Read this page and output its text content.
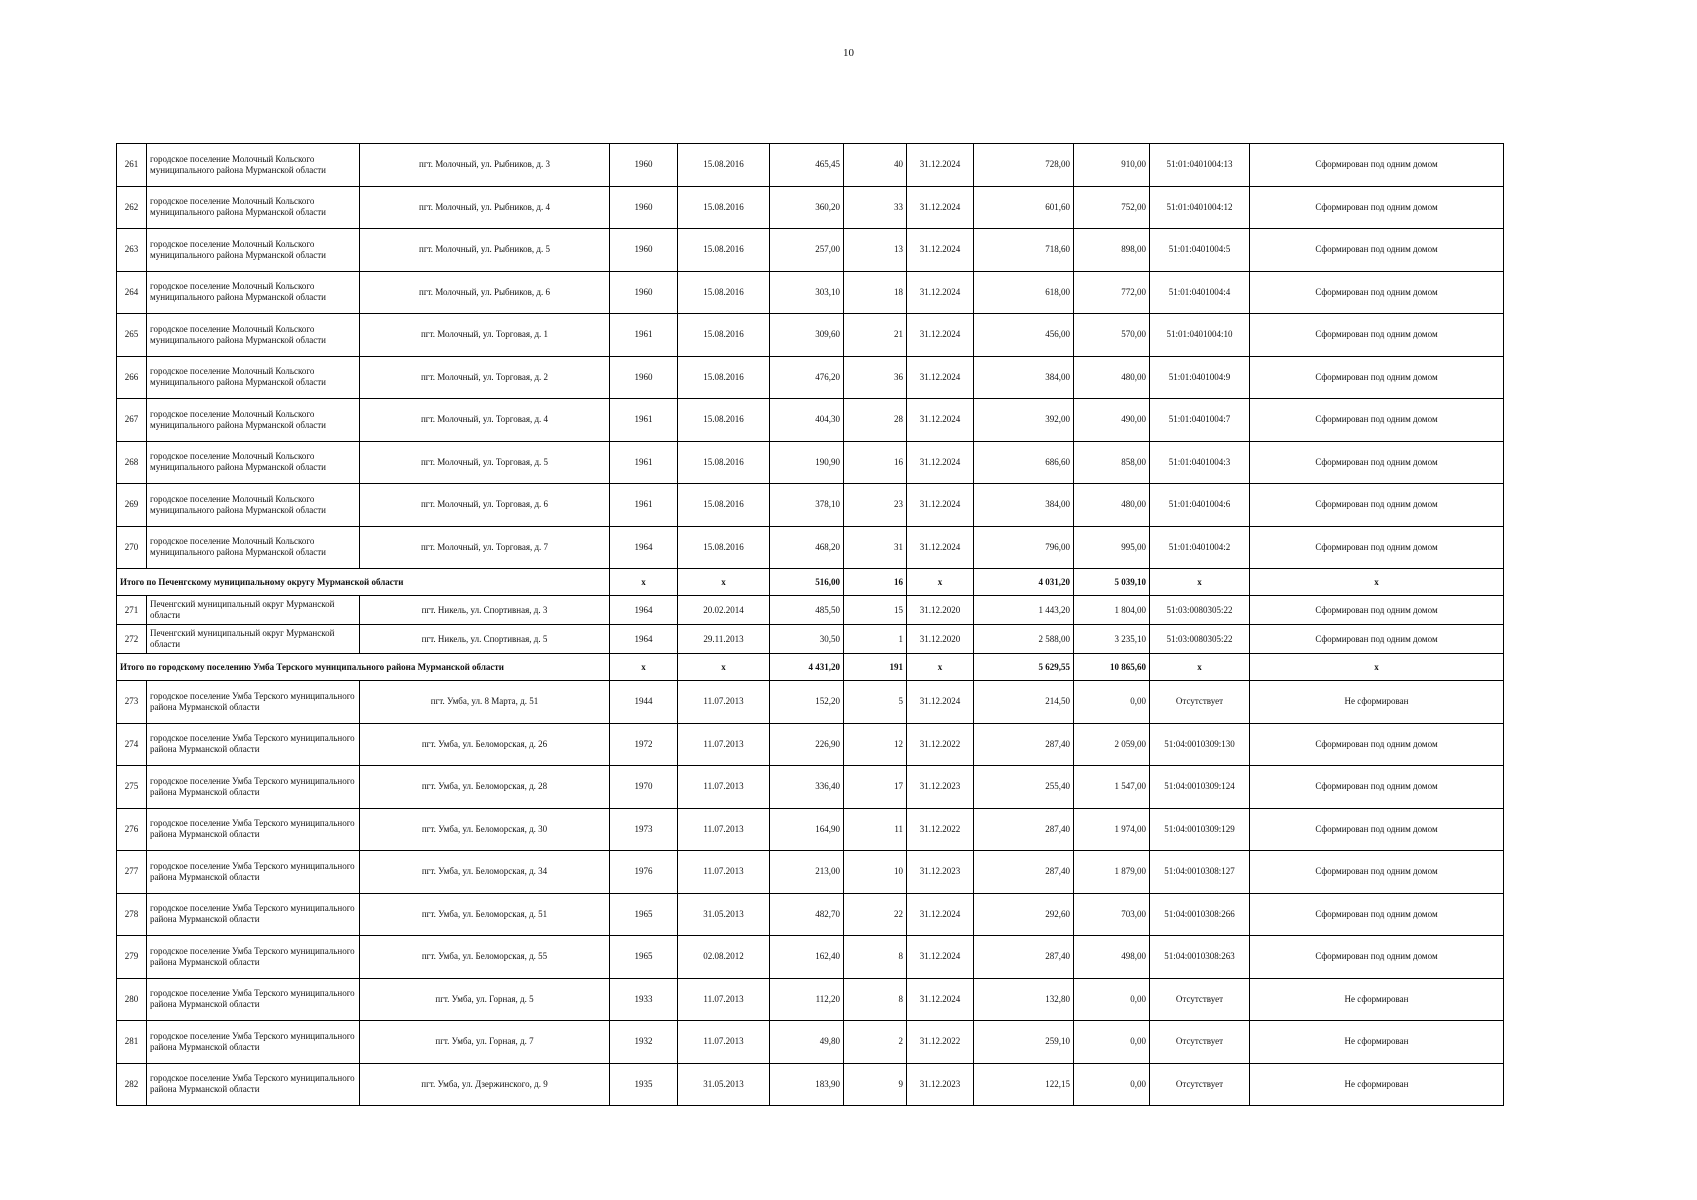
10
261	городское поселение Молочный Кольского муниципального района Мурманской области	пгт. Молочный, ул. Рыбников, д. 3	1960	15.08.2016	465,45	40	31.12.2024	728,00	910,00	51:01:0401004:13	Сформирован под одним домом
262	городское поселение Молочный Кольского муниципального района Мурманской области	пгт. Молочный, ул. Рыбников, д. 4	1960	15.08.2016	360,20	33	31.12.2024	601,60	752,00	51:01:0401004:12	Сформирован под одним домом
263	городское поселение Молочный Кольского муниципального района Мурманской области	пгт. Молочный, ул. Рыбников, д. 5	1960	15.08.2016	257,00	13	31.12.2024	718,60	898,00	51:01:0401004:5	Сформирован под одним домом
264	городское поселение Молочный Кольского муниципального района Мурманской области	пгт. Молочный, ул. Рыбников, д. 6	1960	15.08.2016	303,10	18	31.12.2024	618,00	772,00	51:01:0401004:4	Сформирован под одним домом
265	городское поселение Молочный Кольского муниципального района Мурманской области	пгт. Молочный, ул. Торговая, д. 1	1961	15.08.2016	309,60	21	31.12.2024	456,00	570,00	51:01:0401004:10	Сформирован под одним домом
266	городское поселение Молочный Кольского муниципального района Мурманской области	пгт. Молочный, ул. Торговая, д. 2	1960	15.08.2016	476,20	36	31.12.2024	384,00	480,00	51:01:0401004:9	Сформирован под одним домом
267	городское поселение Молочный Кольского муниципального района Мурманской области	пгт. Молочный, ул. Торговая, д. 4	1961	15.08.2016	404,30	28	31.12.2024	392,00	490,00	51:01:0401004:7	Сформирован под одним домом
268	городское поселение Молочный Кольского муниципального района Мурманской области	пгт. Молочный, ул. Торговая, д. 5	1961	15.08.2016	190,90	16	31.12.2024	686,60	858,00	51:01:0401004:3	Сформирован под одним домом
269	городское поселение Молочный Кольского муниципального района Мурманской области	пгт. Молочный, ул. Торговая, д. 6	1961	15.08.2016	378,10	23	31.12.2024	384,00	480,00	51:01:0401004:6	Сформирован под одним домом
270	городское поселение Молочный Кольского муниципального района Мурманской области	пгт. Молочный, ул. Торговая, д. 7	1964	15.08.2016	468,20	31	31.12.2024	796,00	995,00	51:01:0401004:2	Сформирован под одним домом
Итого по Печенгскому муниципальному округу Мурманской области			x	x	516,00	16	x	4 031,20	5 039,10	x	x
271	Печенгский муниципальный округ Мурманской области	пгт. Никель, ул. Спортивная, д. 3	1964	20.02.2014	485,50	15	31.12.2020	1 443,20	1 804,00	51:03:0080305:22	Сформирован под одним домом
272	Печенгский муниципальный округ Мурманской области	пгт. Никель, ул. Спортивная, д. 5	1964	29.11.2013	30,50	1	31.12.2020	2 588,00	3 235,10	51:03:0080305:22	Сформирован под одним домом
Итого по городскому поселению Умба Терского муниципального района Мурманской области			x	x	4 431,20	191	x	5 629,55	10 865,60	x	x
273	городское поселение Умба Терского муниципального района Мурманской области	пгт. Умба, ул. 8 Марта, д. 51	1944	11.07.2013	152,20	5	31.12.2024	214,50	0,00	Отсутствует	Не сформирован
274	городское поселение Умба Терского муниципального района Мурманской области	пгт. Умба, ул. Беломорская, д. 26	1972	11.07.2013	226,90	12	31.12.2022	287,40	2 059,00	51:04:0010309:130	Сформирован под одним домом
275	городское поселение Умба Терского муниципального района Мурманской области	пгт. Умба, ул. Беломорская, д. 28	1970	11.07.2013	336,40	17	31.12.2023	255,40	1 547,00	51:04:0010309:124	Сформирован под одним домом
276	городское поселение Умба Терского муниципального района Мурманской области	пгт. Умба, ул. Беломорская, д. 30	1973	11.07.2013	164,90	11	31.12.2022	287,40	1 974,00	51:04:0010309:129	Сформирован под одним домом
277	городское поселение Умба Терского муниципального района Мурманской области	пгт. Умба, ул. Беломорская, д. 34	1976	11.07.2013	213,00	10	31.12.2023	287,40	1 879,00	51:04:0010308:127	Сформирован под одним домом
278	городское поселение Умба Терского муниципального района Мурманской области	пгт. Умба, ул. Беломорская, д. 51	1965	31.05.2013	482,70	22	31.12.2024	292,60	703,00	51:04:0010308:266	Сформирован под одним домом
279	городское поселение Умба Терского муниципального района Мурманской области	пгт. Умба, ул. Беломорская, д. 55	1965	02.08.2012	162,40	8	31.12.2024	287,40	498,00	51:04:0010308:263	Сформирован под одним домом
280	городское поселение Умба Терского муниципального района Мурманской области	пгт. Умба, ул. Горная, д. 5	1933	11.07.2013	112,20	8	31.12.2024	132,80	0,00	Отсутствует	Не сформирован
281	городское поселение Умба Терского муниципального района Мурманской области	пгт. Умба, ул. Горная, д. 7	1932	11.07.2013	49,80	2	31.12.2022	259,10	0,00	Отсутствует	Не сформирован
282	городское поселение Умба Терского муниципального района Мурманской области	пгт. Умба, ул. Дзержинского, д. 9	1935	31.05.2013	183,90	9	31.12.2023	122,15	0,00	Отсутствует	Не сформирован
